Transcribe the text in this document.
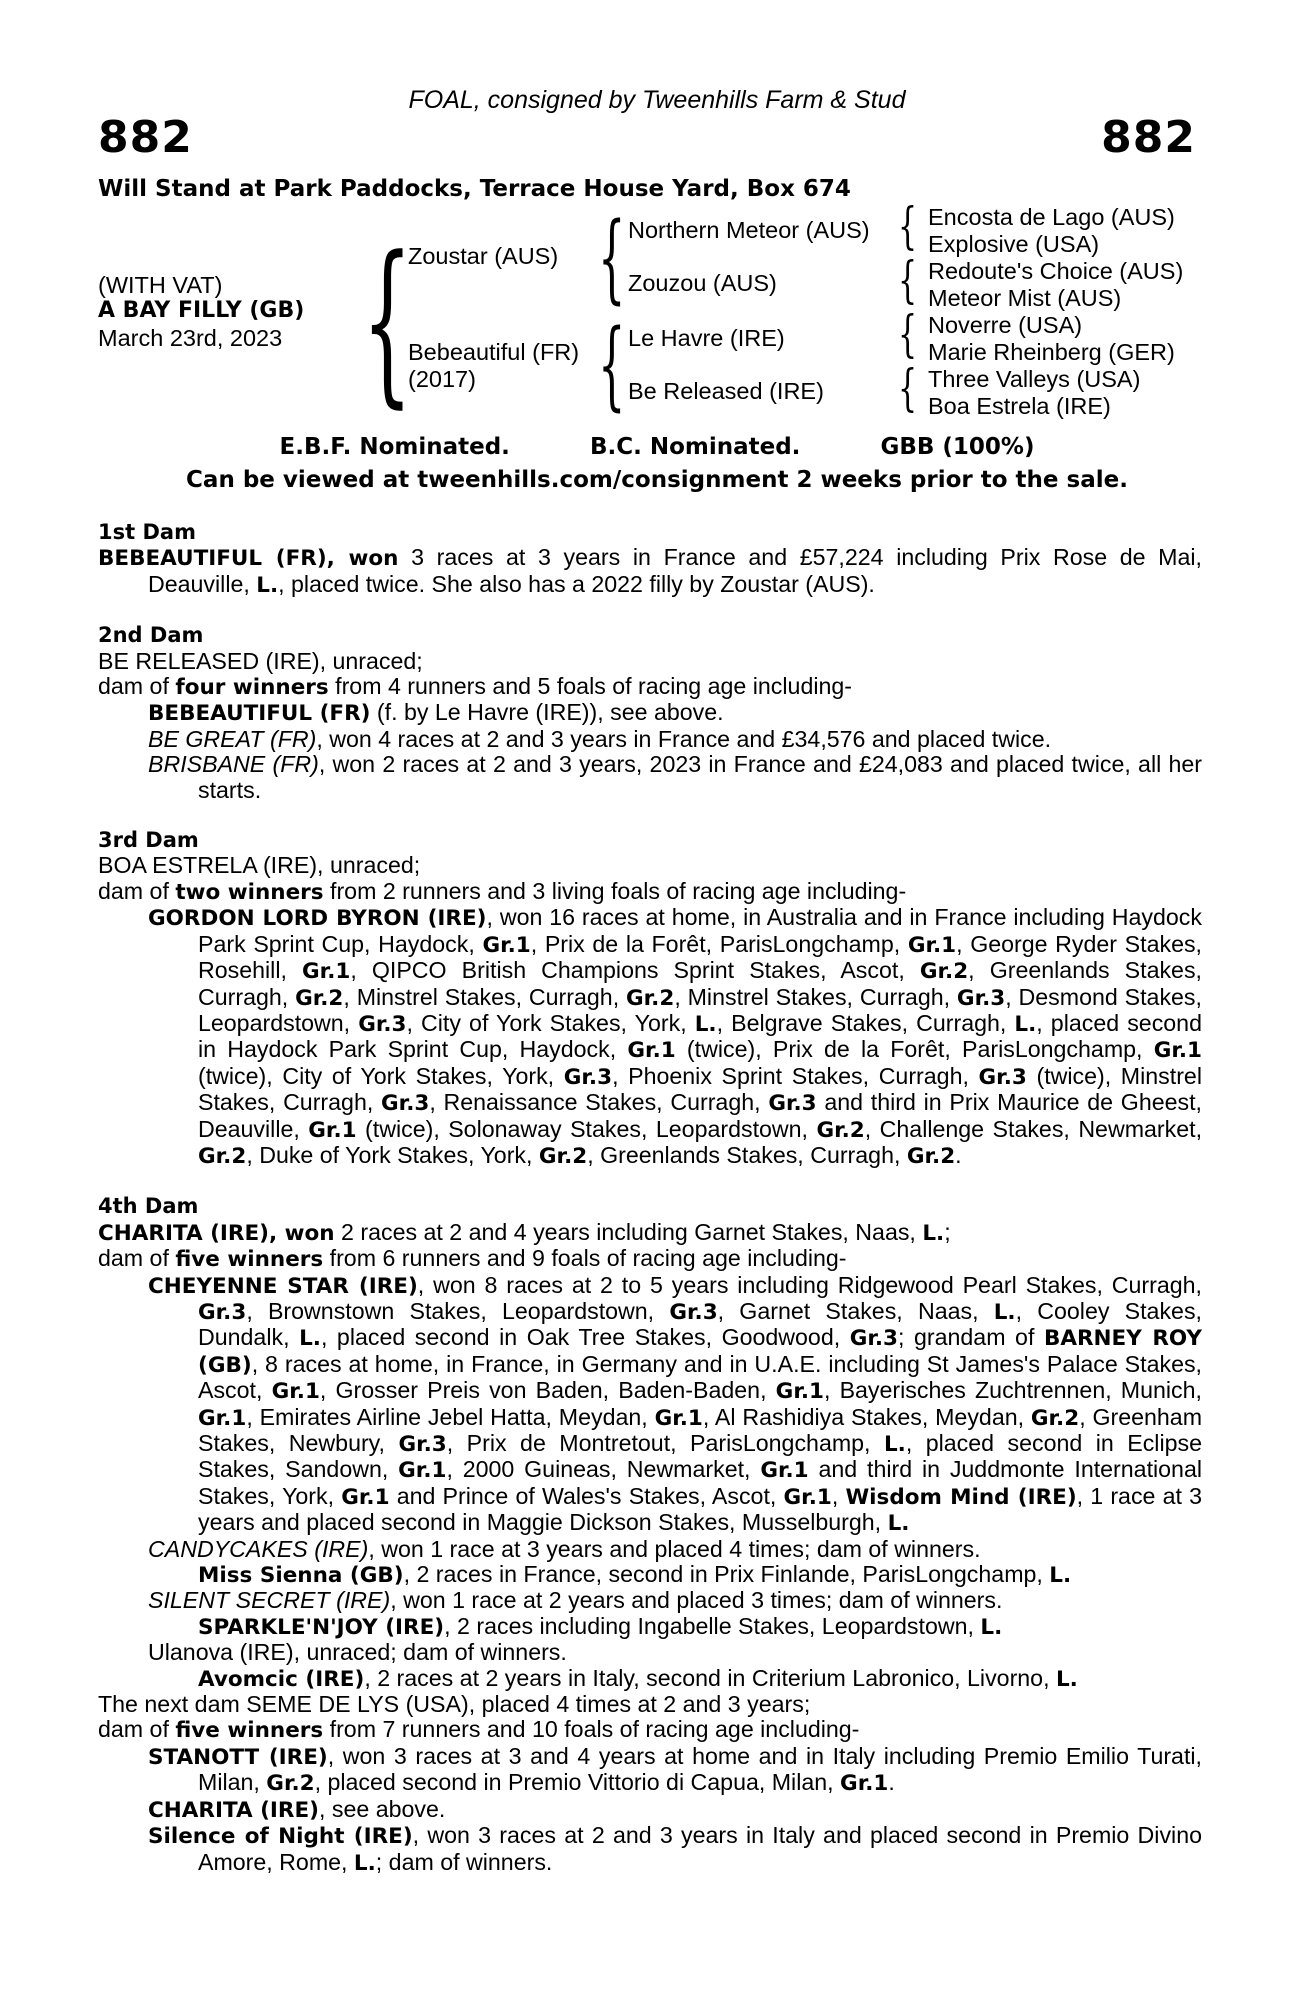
FOAL, consigned by Tweenhills Farm & Stud
882	882
Will Stand at Park Paddocks, Terrace House Yard, Box 674
(WITH VAT)
A BAY FILLY (GB)
March 23rd, 2023 {
Zoustar (AUS)
Bebeautiful (FR)
(2017)
{
{
Northern Meteor (AUS)
Zouzou (AUS)
Le Havre (IRE)
Be Released (IRE)
{
{
{
{
Encosta de Lago (AUS)
Explosive (USA)
Redoute's Choice (AUS)
Meteor Mist (AUS)
Noverre (USA)
Marie Rheinberg (GER)
Three Valleys (USA)
Boa Estrela (IRE)
E.B.F. Nominated.	B.C. Nominated.	GBB (100%)
Can be viewed at tweenhills.com/consignment 2 weeks prior to the sale.
1st Dam
BEBEAUTIFUL (FR), won 3 races at 3 years in France and £57,224 including Prix Rose de Mai, Deauville, L., placed twice. She also has a 2022 filly by Zoustar (AUS).
2nd Dam
BE RELEASED (IRE), unraced;
dam of four winners from 4 runners and 5 foals of racing age including-
BEBEAUTIFUL (FR) (f. by Le Havre (IRE)), see above.
BE GREAT (FR), won 4 races at 2 and 3 years in France and £34,576 and placed twice.
BRISBANE (FR), won 2 races at 2 and 3 years, 2023 in France and £24,083 and placed twice, all her starts.
3rd Dam
BOA ESTRELA (IRE), unraced;
dam of two winners from 2 runners and 3 living foals of racing age including-
GORDON LORD BYRON (IRE), won 16 races at home, in Australia and in France including Haydock Park Sprint Cup, Haydock, Gr.1, Prix de la Forêt, ParisLongchamp, Gr.1, George Ryder Stakes, Rosehill, Gr.1, QIPCO British Champions Sprint Stakes, Ascot, Gr.2, Greenlands Stakes, Curragh, Gr.2, Minstrel Stakes, Curragh, Gr.2, Minstrel Stakes, Curragh, Gr.3, Desmond Stakes, Leopardstown, Gr.3, City of York Stakes, York, L., Belgrave Stakes, Curragh, L., placed second in Haydock Park Sprint Cup, Haydock, Gr.1 (twice), Prix de la Forêt, ParisLongchamp, Gr.1 (twice), City of York Stakes, York, Gr.3, Phoenix Sprint Stakes, Curragh, Gr.3 (twice), Minstrel Stakes, Curragh, Gr.3, Renaissance Stakes, Curragh, Gr.3 and third in Prix Maurice de Gheest, Deauville, Gr.1 (twice), Solonaway Stakes, Leopardstown, Gr.2, Challenge Stakes, Newmarket, Gr.2, Duke of York Stakes, York, Gr.2, Greenlands Stakes, Curragh, Gr.2.
4th Dam
CHARITA (IRE), won 2 races at 2 and 4 years including Garnet Stakes, Naas, L.;
dam of five winners from 6 runners and 9 foals of racing age including-
CHEYENNE STAR (IRE), won 8 races at 2 to 5 years including Ridgewood Pearl Stakes, Curragh, Gr.3, Brownstown Stakes, Leopardstown, Gr.3, Garnet Stakes, Naas, L., Cooley Stakes, Dundalk, L., placed second in Oak Tree Stakes, Goodwood, Gr.3; grandam of BARNEY ROY (GB), 8 races at home, in France, in Germany and in U.A.E. including St James's Palace Stakes, Ascot, Gr.1, Grosser Preis von Baden, Baden-Baden, Gr.1, Bayerisches Zuchtrennen, Munich, Gr.1, Emirates Airline Jebel Hatta, Meydan, Gr.1, Al Rashidiya Stakes, Meydan, Gr.2, Greenham Stakes, Newbury, Gr.3, Prix de Montretout, ParisLongchamp, L., placed second in Eclipse Stakes, Sandown, Gr.1, 2000 Guineas, Newmarket, Gr.1 and third in Juddmonte International Stakes, York, Gr.1 and Prince of Wales's Stakes, Ascot, Gr.1, Wisdom Mind (IRE), 1 race at 3 years and placed second in Maggie Dickson Stakes, Musselburgh, L.
CANDYCAKES (IRE), won 1 race at 3 years and placed 4 times; dam of winners.
Miss Sienna (GB), 2 races in France, second in Prix Finlande, ParisLongchamp, L.
SILENT SECRET (IRE), won 1 race at 2 years and placed 3 times; dam of winners.
SPARKLE'N'JOY (IRE), 2 races including Ingabelle Stakes, Leopardstown, L.
Ulanova (IRE), unraced; dam of winners.
Avomcic (IRE), 2 races at 2 years in Italy, second in Criterium Labronico, Livorno, L.
The next dam SEME DE LYS (USA), placed 4 times at 2 and 3 years;
dam of five winners from 7 runners and 10 foals of racing age including-
STANOTT (IRE), won 3 races at 3 and 4 years at home and in Italy including Premio Emilio Turati, Milan, Gr.2, placed second in Premio Vittorio di Capua, Milan, Gr.1.
CHARITA (IRE), see above.
Silence of Night (IRE), won 3 races at 2 and 3 years in Italy and placed second in Premio Divino Amore, Rome, L.; dam of winners.
